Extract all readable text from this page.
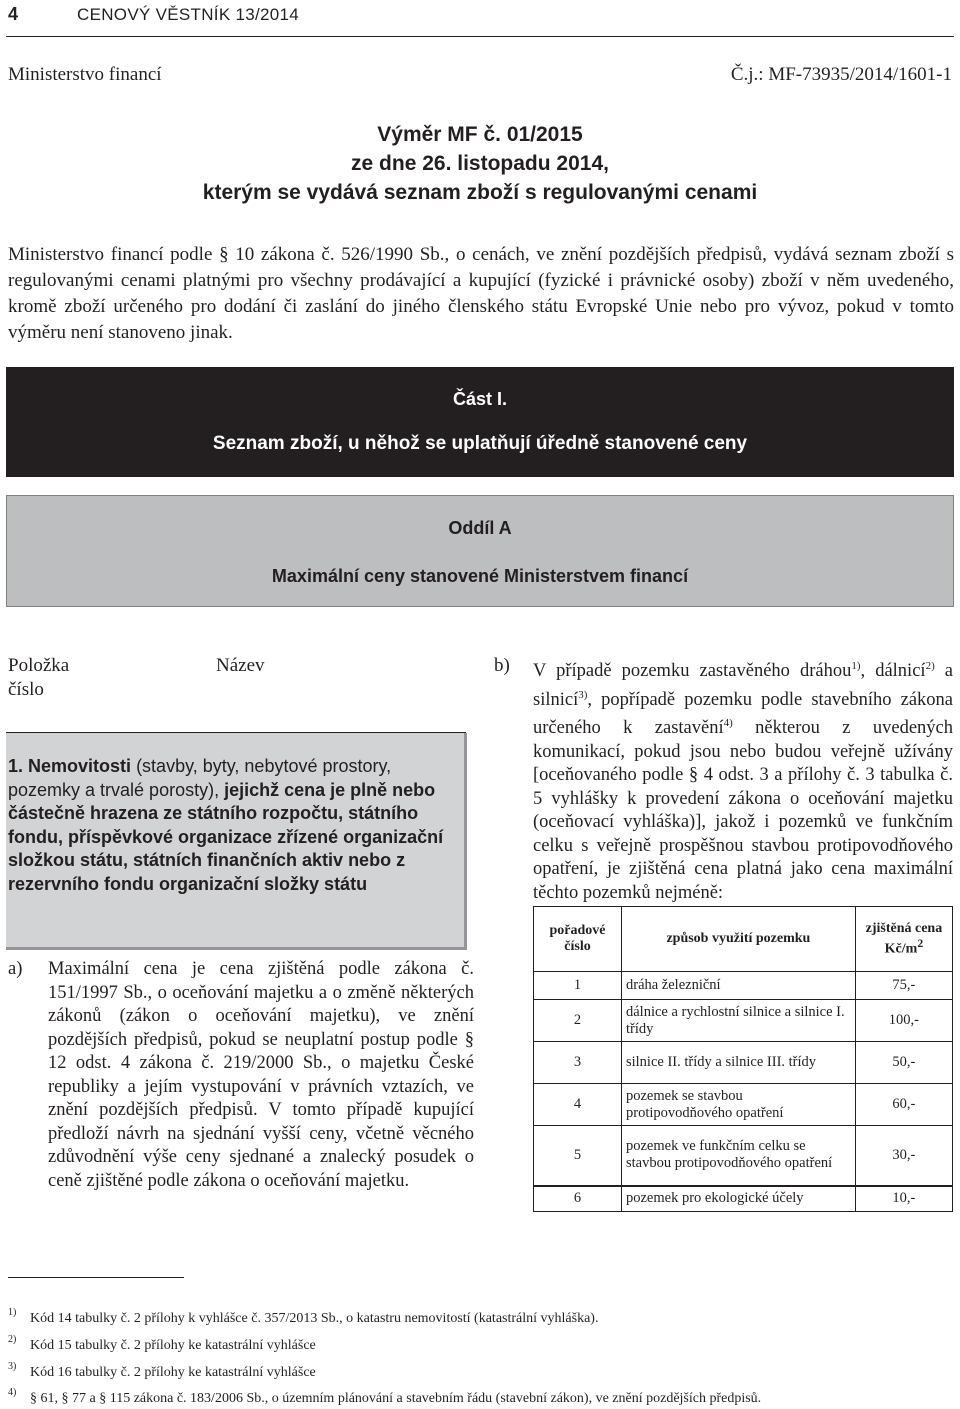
4	CENOVÝ VĚSTNÍK 13/2014
Ministerstvo financí	Č.j.: MF-73935/2014/1601-1
Výměr MF č. 01/2015
ze dne 26. listopadu 2014,
kterým se vydává seznam zboží s regulovanými cenami
Ministerstvo financí podle § 10 zákona č. 526/1990 Sb., o cenách, ve znění pozdějších předpisů, vydává seznam zboží s regulovanými cenami platnými pro všechny prodávající a kupující (fyzické i právnické osoby) zboží v něm uvedeného, kromě zboží určeného pro dodání či zaslání do jiného členského státu Evropské Unie nebo pro vývoz, pokud v tomto výměru není stanoveno jinak.
Část I.
Seznam zboží, u něhož se uplatňují úředně stanovené ceny
Oddíl A
Maximální ceny stanovené Ministerstvem financí
Položka
číslo
Název
1. Nemovitosti (stavby, byty, nebytové prostory, pozemky a trvalé porosty), jejichž cena je plně nebo částečně hrazena ze státního rozpočtu, státního fondu, příspěvkové organizace zřízené organizační složkou státu, státních finančních aktiv nebo z rezervního fondu organizační složky státu
a) Maximální cena je cena zjištěná podle zákona č. 151/1997 Sb., o oceňování majetku a o změně některých zákonů (zákon o oceňování majetku), ve znění pozdějších předpisů, pokud se neuplatní postup podle § 12 odst. 4 zákona č. 219/2000 Sb., o majetku České republiky a jejím vystupování v právních vztazích, ve znění pozdějších předpisů. V tomto případě kupující předloží návrh na sjednání vyšší ceny, včetně věcného zdůvodnění výše ceny sjednané a znalecký posudek o ceně zjištěné podle zákona o oceňování majetku.
b) V případě pozemku zastavěného dráhou$^{1)}$, dálnicí$^{2)}$ a silnicí$^{3)}$, popřípadě pozemku podle stavebního zákona určeného k zastavění$^{4)}$ některou z uvedených komunikací, pokud jsou nebo budou veřejně užívány [oceňovaného podle § 4 odst. 3 a přílohy č. 3 tabulka č. 5 vyhlášky k provedení zákona o oceňování majetku (oceňovací vyhláška)], jakož i pozemků ve funkčním celku s veřejně prospěšnou stavbou protipovodňového opatření, je zjištěná cena platná jako cena maximální těchto pozemků nejméně:
pořadové číslo	způsob využití pozemku	zjištěná cena
$Kč/m^2$
1	dráha železniční	75,-
2	dálnice a rychlostní silnice a silnice I. třídy	100,-
3	silnice II. třídy a silnice III. třídy	50,-
4	pozemek se stavbou protipovodňového opatření	60,-
5	pozemek ve funkčním celku se stavbou protipovodňového opatření	30,-
6	pozemek pro ekologické účely	10,-
1) Kód 14 tabulky č. 2 přílohy k vyhlášce č. 357/2013 Sb., o katastru nemovitostí (katastrální vyhláška).
2) Kód 15 tabulky č. 2 přílohy ke katastrální vyhlášce
3) Kód 16 tabulky č. 2 přílohy ke katastrální vyhlášce
4) § 61, § 77 a § 115 zákona č. 183/2006 Sb., o územním plánování a stavebním řádu (stavební zákon), ve znění pozdějších předpisů.
